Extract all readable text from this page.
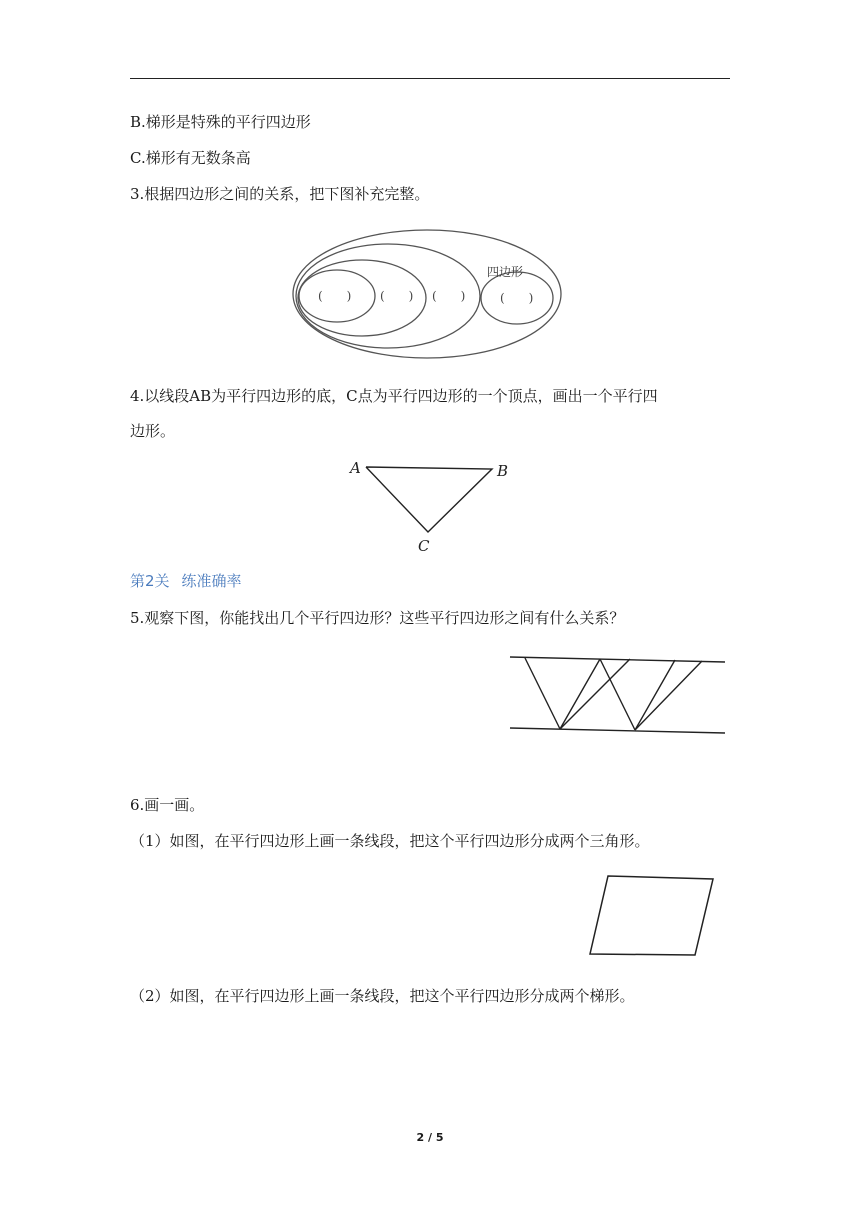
B.梯形是特殊的平行四边形
C.梯形有无数条高
3.根据四边形之间的关系，把下图补充完整。
四边形
(　　) (　　) (　　)	(　　)
4.以线段AB为平行四边形的底，C点为平行四边形的一个顶点，画出一个平行四
边形。
A	B
C
第2关 练准确率
5.观察下图，你能找出几个平行四边形？这些平行四边形之间有什么关系？
6.画一画。
（1）如图，在平行四边形上画一条线段，把这个平行四边形分成两个三角形。
（2）如图，在平行四边形上画一条线段，把这个平行四边形分成两个梯形。
2 / 5
